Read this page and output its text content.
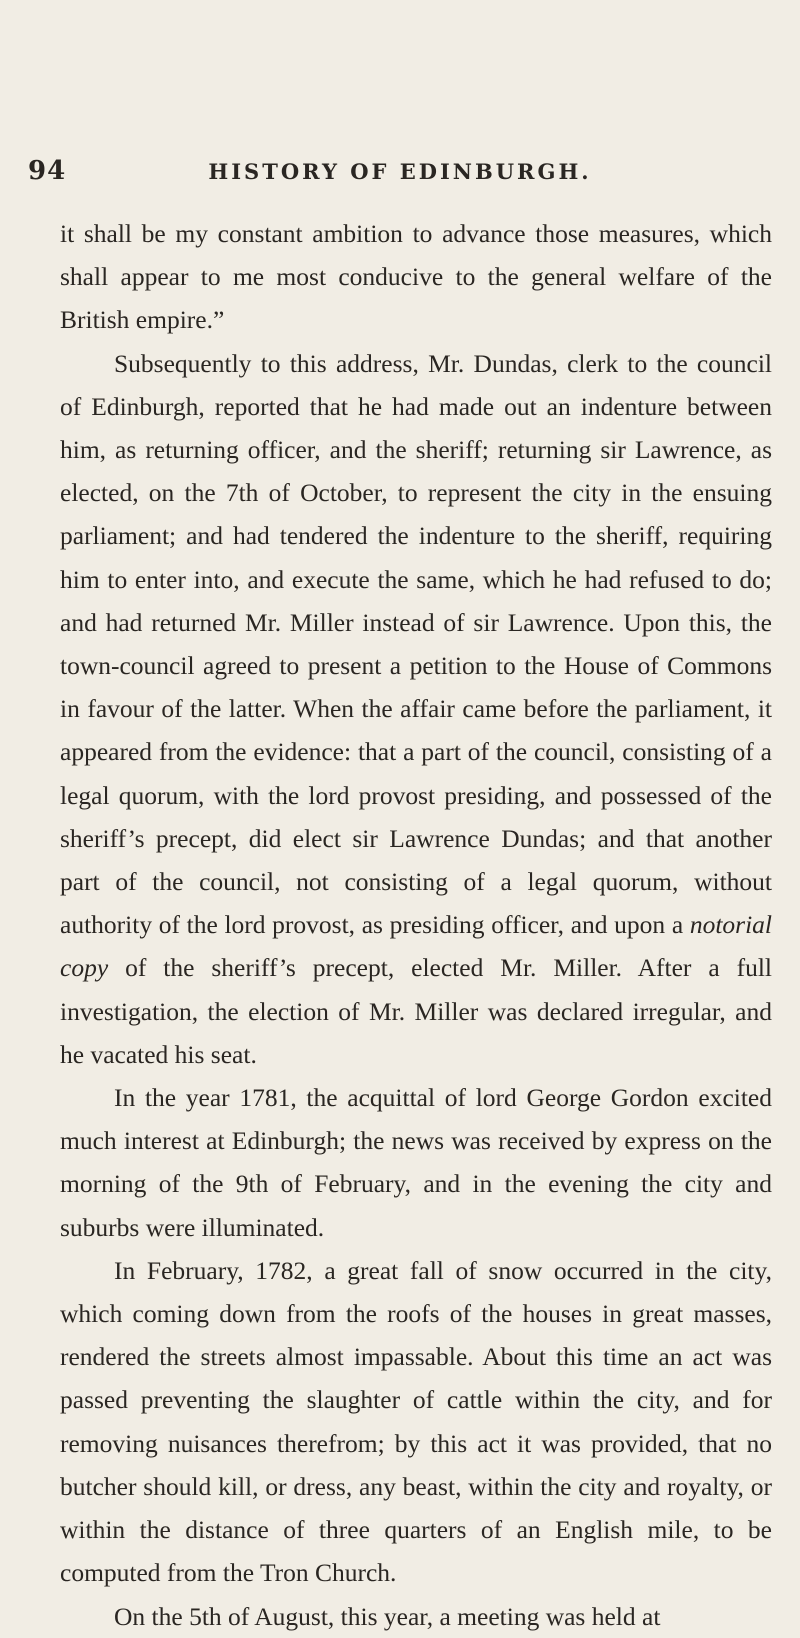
94	HISTORY OF EDINBURGH.

it shall be my constant ambition to advance those measures, which shall appear to me most conducive to the general welfare of the British empire.”

Subsequently to this address, Mr. Dundas, clerk to the council of Edinburgh, reported that he had made out an indenture between him, as returning officer, and the sheriff; returning sir Lawrence, as elected, on the 7th of October, to represent the city in the ensuing parliament; and had tendered the indenture to the sheriff, requiring him to enter into, and execute the same, which he had refused to do; and had returned Mr. Miller instead of sir Lawrence. Upon this, the town-council agreed to present a petition to the House of Commons in favour of the latter. When the affair came before the parliament, it appeared from the evidence: that a part of the council, consisting of a legal quorum, with the lord provost presiding, and possessed of the sheriff’s precept, did elect sir Lawrence Dundas; and that another part of the council, not consisting of a legal quorum, without authority of the lord provost, as presiding officer, and upon a notorial copy of the sheriff’s precept, elected Mr. Miller. After a full investigation, the election of Mr. Miller was declared irregular, and he vacated his seat.

In the year 1781, the acquittal of lord George Gordon excited much interest at Edinburgh; the news was received by express on the morning of the 9th of February, and in the evening the city and suburbs were illuminated.

In February, 1782, a great fall of snow occurred in the city, which coming down from the roofs of the houses in great masses, rendered the streets almost impassable. About this time an act was passed preventing the slaughter of cattle within the city, and for removing nuisances therefrom; by this act it was provided, that no butcher should kill, or dress, any beast, within the city and royalty, or within the distance of three quarters of an English mile, to be computed from the Tron Church.

On the 5th of August, this year, a meeting was held at
